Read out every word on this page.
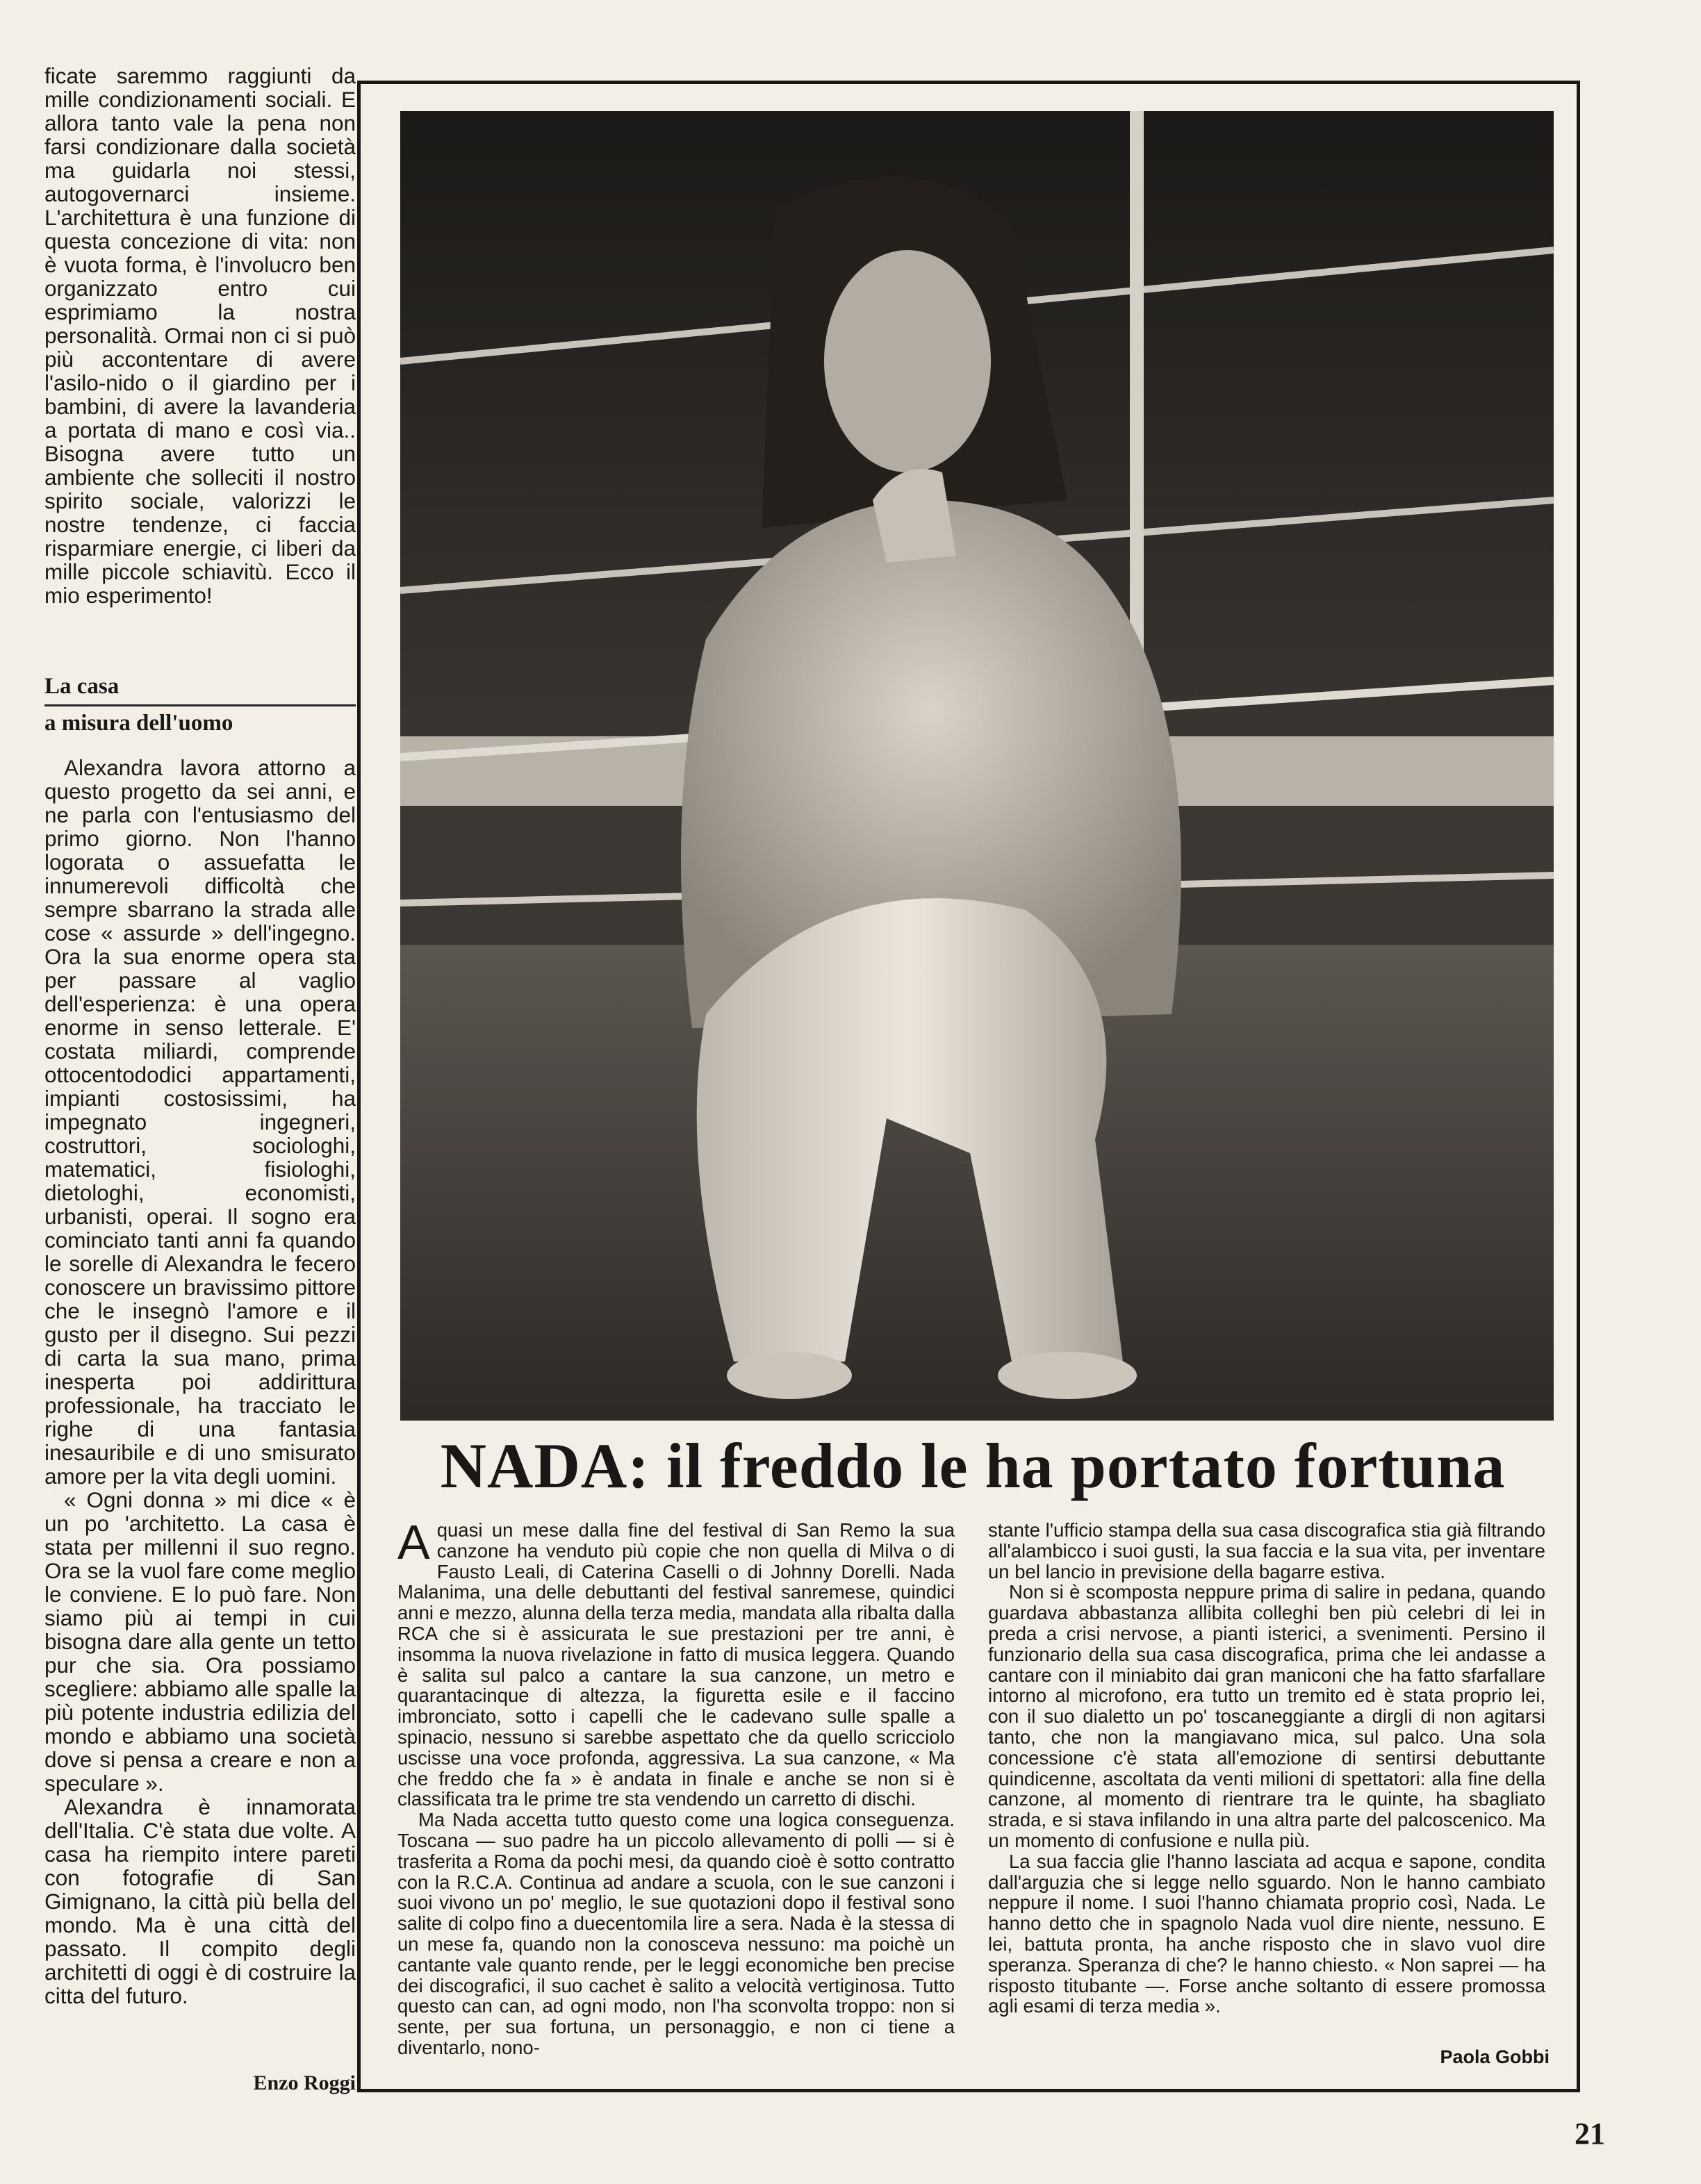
ficate saremmo raggiunti da mille condizionamenti sociali. E allora tanto vale la pena non farsi condizionare dalla società ma guidarla noi stessi, autogovernarci insieme. L'architettura è una funzione di questa concezione di vita: non è vuota forma, è l'involucro ben organizzato entro cui esprimiamo la nostra personalità. Ormai non ci si può più accontentare di avere l'asilo-nido o il giardino per i bambini, di avere la lavanderia a portata di mano e così via.. Bisogna avere tutto un ambiente che solleciti il nostro spirito sociale, valorizzi le nostre tendenze, ci faccia risparmiare energie, ci liberi da mille piccole schiavitù. Ecco il mio esperimento!

La casa
a misura dell'uomo

Alexandra lavora attorno a questo progetto da sei anni, e ne parla con l'entusiasmo del primo giorno. Non l'hanno logorata o assuefatta le innumerevoli difficoltà che sempre sbarrano la strada alle cose « assurde » dell'ingegno. Ora la sua enorme opera sta per passare al vaglio dell'esperienza: è una opera enorme in senso letterale. E' costata miliardi, comprende ottocentododici appartamenti, impianti costosissimi, ha impegnato ingegneri, costruttori, sociologhi, matematici, fisiologhi, dietologhi, economisti, urbanisti, operai. Il sogno era cominciato tanti anni fa quando le sorelle di Alexandra le fecero conoscere un bravissimo pittore che le insegnò l'amore e il gusto per il disegno. Sui pezzi di carta la sua mano, prima inesperta poi addirittura professionale, ha tracciato le righe di una fantasia inesauribile e di uno smisurato amore per la vita degli uomini.

« Ogni donna » mi dice « è un po 'architetto. La casa è stata per millenni il suo regno. Ora se la vuol fare come meglio le conviene. E lo può fare. Non siamo più ai tempi in cui bisogna dare alla gente un tetto pur che sia. Ora possiamo scegliere: abbiamo alle spalle la più potente industria edilizia del mondo e abbiamo una società dove si pensa a creare e non a speculare ».

Alexandra è innamorata dell'Italia. C'è stata due volte. A casa ha riempito intere pareti con fotografie di San Gimignano, la città più bella del mondo. Ma è una città del passato. Il compito degli architetti di oggi è di costruire la citta del futuro.

Enzo Roggi
NADA: il freddo le ha portato fortuna

Aquasi un mese dalla fine del festival di San Remo la sua canzone ha venduto più copie che non quella di Milva o di Fausto Leali, di Caterina Caselli o di Johnny Dorelli. Nada Malanima, una delle debuttanti del festival sanremese, quindici anni e mezzo, alunna della terza media, mandata alla ribalta dalla RCA che si è assicurata le sue prestazioni per tre anni, è insomma la nuova rivelazione in fatto di musica leggera. Quando è salita sul palco a cantare la sua canzone, un metro e quarantacinque di altezza, la figuretta esile e il faccino imbronciato, sotto i capelli che le cadevano sulle spalle a spinacio, nessuno si sarebbe aspettato che da quello scricciolo uscisse una voce profonda, aggressiva. La sua canzone, « Ma che freddo che fa » è andata in finale e anche se non si è classificata tra le prime tre sta vendendo un carretto di dischi.

Ma Nada accetta tutto questo come una logica conseguenza. Toscana — suo padre ha un piccolo allevamento di polli — si è trasferita a Roma da pochi mesi, da quando cioè è sotto contratto con la R.C.A. Continua ad andare a scuola, con le sue canzoni i suoi vivono un po' meglio, le sue quotazioni dopo il festival sono salite di colpo fino a duecentomila lire a sera. Nada è la stessa di un mese fa, quando non la conosceva nessuno: ma poichè un cantante vale quanto rende, per le leggi economiche ben precise dei discografici, il suo cachet è salito a velocità vertiginosa. Tutto questo can can, ad ogni modo, non l'ha sconvolta troppo: non si sente, per sua fortuna, un personaggio, e non ci tiene a diventarlo, nono-

stante l'ufficio stampa della sua casa discografica stia già filtrando all'alambicco i suoi gusti, la sua faccia e la sua vita, per inventare un bel lancio in previsione della bagarre estiva.

Non si è scomposta neppure prima di salire in pedana, quando guardava abbastanza allibita colleghi ben più celebri di lei in preda a crisi nervose, a pianti isterici, a svenimenti. Persino il funzionario della sua casa discografica, prima che lei andasse a cantare con il miniabito dai gran maniconi che ha fatto sfarfallare intorno al microfono, era tutto un tremito ed è stata proprio lei, con il suo dialetto un po' toscaneggiante a dirgli di non agitarsi tanto, che non la mangiavano mica, sul palco. Una sola concessione c'è stata all'emozione di sentirsi debuttante quindicenne, ascoltata da venti milioni di spettatori: alla fine della canzone, al momento di rientrare tra le quinte, ha sbagliato strada, e si stava infilando in una altra parte del palcoscenico. Ma un momento di confusione e nulla più.

La sua faccia glie l'hanno lasciata ad acqua e sapone, condita dall'arguzia che si legge nello sguardo. Non le hanno cambiato neppure il nome. I suoi l'hanno chiamata proprio così, Nada. Le hanno detto che in spagnolo Nada vuol dire niente, nessuno. E lei, battuta pronta, ha anche risposto che in slavo vuol dire speranza. Speranza di che? le hanno chiesto. « Non saprei — ha risposto titubante —. Forse anche soltanto di essere promossa agli esami di terza media ».

Paola Gobbi
21
